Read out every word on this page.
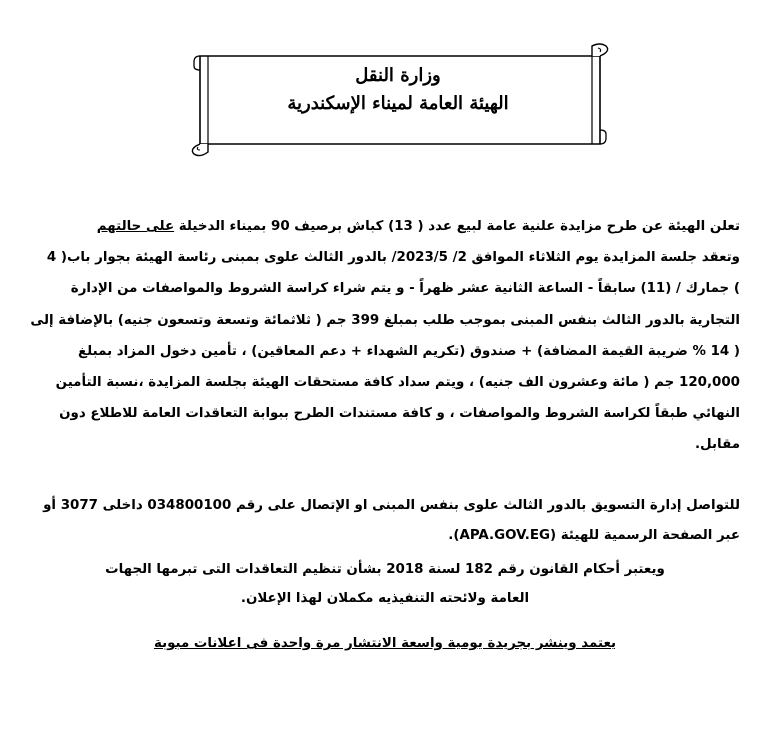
وزارة النقل
الهيئة العامة لميناء الإسكندرية
تعلن الهيئة عن طرح مزايدة علنية عامة لبيع عدد ( 13) كباش برصيف 90 بميناء الدخيلة على حالتهم
وتعقد جلسة المزايدة يوم الثلاثاء الموافق 2/ 2023/5/ بالدور الثالث علوى بمبنى رئاسة الهيئة بجوار باب( 4
) جمارك / (11) سابقاً - الساعة الثانية عشر ظهراً - و يتم شراء كراسة الشروط والمواصفات من الإدارة
التجارية بالدور الثالث بنفس المبنى بموجب طلب بمبلغ 399 جم ( ثلاثمائة وتسعة وتسعون جنيه) بالإضافة إلى
( 14 % ضريبة القيمة المضافة) + صندوق (تكريم الشهداء + دعم المعاقين) ، تأمين دخول المزاد بمبلغ
120,000 جم ( مائة وعشرون الف جنيه) ، ويتم سداد كافة مستحقات الهيئة بجلسة المزايدة ،نسبة التأمين
النهائي طبقاً لكراسة الشروط والمواصفات ، و كافة مستندات الطرح ببوابة التعاقدات العامة للاطلاع دون
مقابل.
للتواصل إدارة التسويق بالدور الثالث علوى بنفس المبنى او الإتصال على رقم 034800100 داخلى 3077 أو
عبر الصفحة الرسمية للهيئة (APA.GOV.EG).
ويعتبر أحكام القانون رقم 182 لسنة 2018 بشأن تنظيم التعاقدات التى تبرمها الجهات
العامة ولائحته التنفيذيه مكملان لهذا الإعلان.
يعتمد وينشر بجريدة يومية واسعة الانتشار مرة واحدة فى اعلانات مبوبة
